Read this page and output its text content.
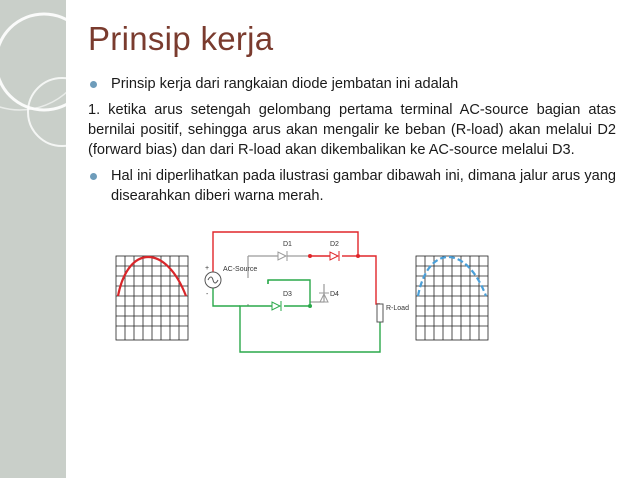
Prinsip kerja
Prinsip kerja dari rangkaian diode jembatan ini adalah
1. ketika arus setengah gelombang pertama terminal AC-source bagian atas bernilai positif, sehingga arus akan mengalir ke beban (R-load) akan melalui D2 (forward bias) dan dari R-load akan dikembalikan ke AC-source melalui D3.
Hal ini diperlihatkan pada ilustrasi gambar dibawah ini, dimana jalur arus yang disearahkan diberi warna merah.
D1	D2
D3	D4
AC-Source
+
-
R-Load
